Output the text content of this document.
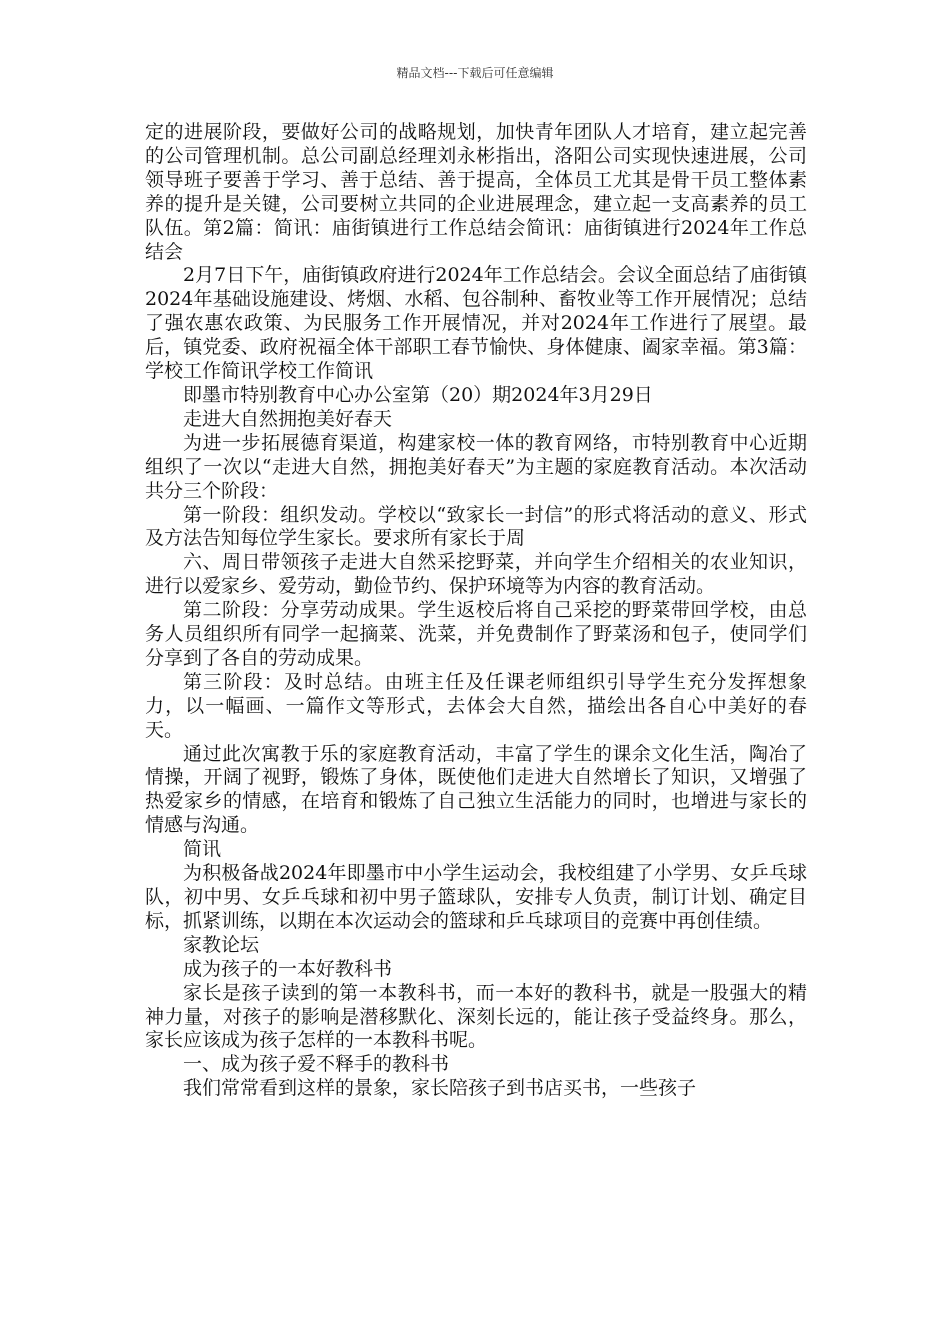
精品文档---下载后可任意编辑

定的进展阶段，要做好公司的战略规划，加快青年团队人才培育，建立起完善的公司管理机制。总公司副总经理刘永彬指出，洛阳公司实现快速进展，公司领导班子要善于学习、善于总结、善于提高，全体员工尤其是骨干员工整体素养的提升是关键，公司要树立共同的企业进展理念，建立起一支高素养的员工队伍。第2篇：简讯：庙街镇进行工作总结会简讯：庙街镇进行2024年工作总结会

2月7日下午，庙街镇政府进行2024年工作总结会。会议全面总结了庙街镇2024年基础设施建设、烤烟、水稻、包谷制种、畜牧业等工作开展情况；总结了强农惠农政策、为民服务工作开展情况，并对2024年工作进行了展望。最后，镇党委、政府祝福全体干部职工春节愉快、身体健康、阖家幸福。第3篇：学校工作简讯学校工作简讯

即墨市特别教育中心办公室第（20）期2024年3月29日

走进大自然拥抱美好春天

为进一步拓展德育渠道，构建家校一体的教育网络，市特别教育中心近期组织了一次以“走进大自然，拥抱美好春天”为主题的家庭教育活动。本次活动共分三个阶段：

第一阶段：组织发动。学校以“致家长一封信”的形式将活动的意义、形式及方法告知每位学生家长。要求所有家长于周

六、周日带领孩子走进大自然采挖野菜，并向学生介绍相关的农业知识，进行以爱家乡、爱劳动，勤俭节约、保护环境等为内容的教育活动。

第二阶段：分享劳动成果。学生返校后将自己采挖的野菜带回学校，由总务人员组织所有同学一起摘菜、洗菜，并免费制作了野菜汤和包子，使同学们分享到了各自的劳动成果。

第三阶段：及时总结。由班主任及任课老师组织引导学生充分发挥想象力，以一幅画、一篇作文等形式，去体会大自然，描绘出各自心中美好的春天。

通过此次寓教于乐的家庭教育活动，丰富了学生的课余文化生活，陶冶了情操，开阔了视野，锻炼了身体，既使他们走进大自然增长了知识，又增强了热爱家乡的情感，在培育和锻炼了自己独立生活能力的同时，也增进与家长的情感与沟通。

简讯

为积极备战2024年即墨市中小学生运动会，我校组建了小学男、女乒乓球队，初中男、女乒乓球和初中男子篮球队，安排专人负责，制订计划、确定目标，抓紧训练，以期在本次运动会的篮球和乒乓球项目的竞赛中再创佳绩。

家教论坛

成为孩子的一本好教科书

家长是孩子读到的第一本教科书，而一本好的教科书，就是一股强大的精神力量，对孩子的影响是潜移默化、深刻长远的，能让孩子受益终身。那么，家长应该成为孩子怎样的一本教科书呢。

一、成为孩子爱不释手的教科书

我们常常看到这样的景象，家长陪孩子到书店买书，一些孩子
